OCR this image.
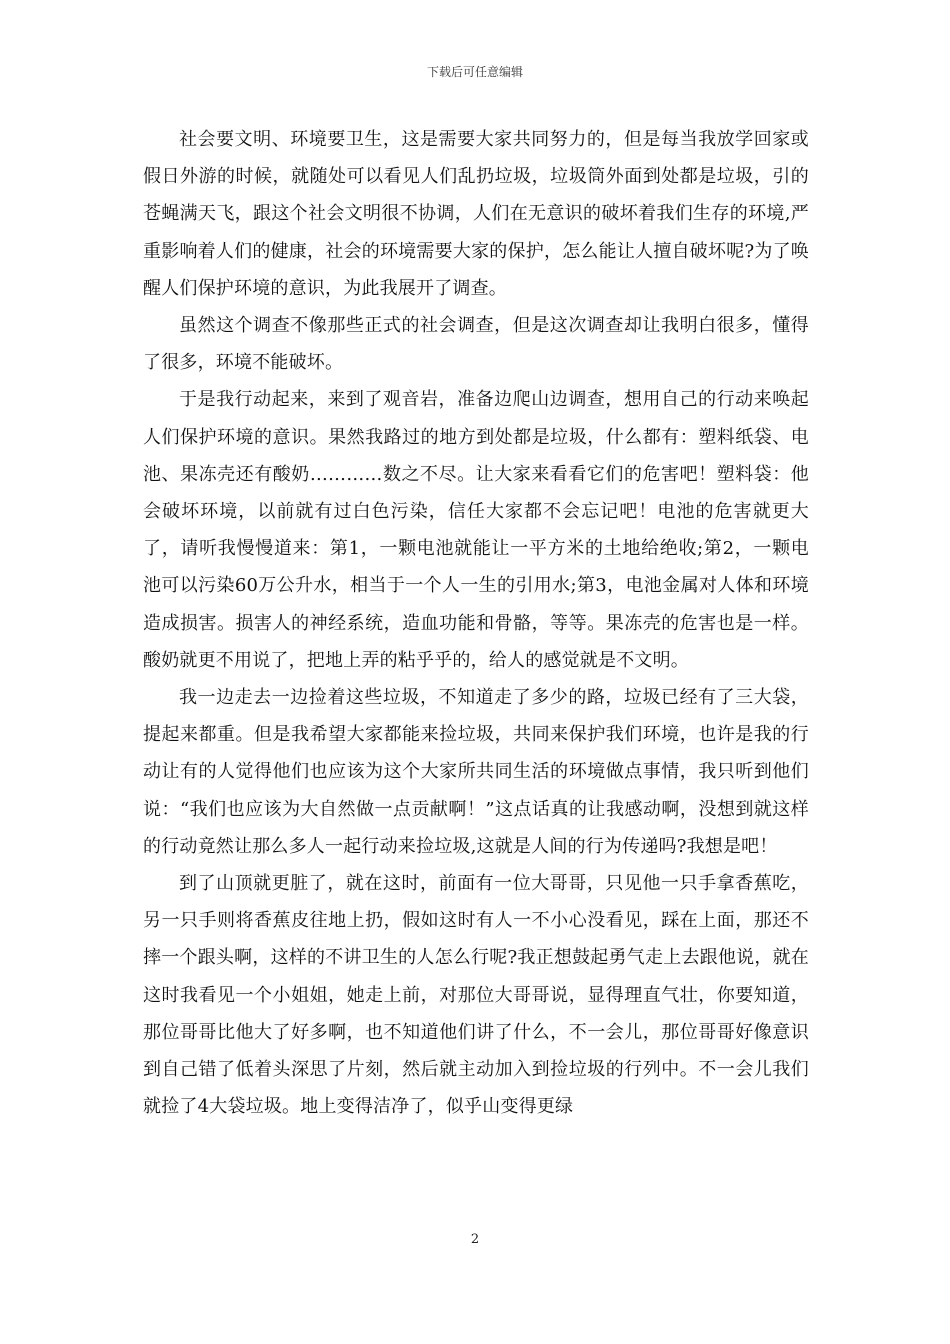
下载后可任意编辑

社会要文明、环境要卫生，这是需要大家共同努力的，但是每当我放学回家或假日外游的时候，就随处可以看见人们乱扔垃圾，垃圾筒外面到处都是垃圾，引的苍蝇满天飞，跟这个社会文明很不协调，人们在无意识的破坏着我们生存的环境,严重影响着人们的健康，社会的环境需要大家的保护，怎么能让人擅自破坏呢?为了唤醒人们保护环境的意识，为此我展开了调查。

虽然这个调查不像那些正式的社会调查，但是这次调查却让我明白很多，懂得了很多，环境不能破坏。

于是我行动起来，来到了观音岩，准备边爬山边调查，想用自己的行动来唤起人们保护环境的意识。果然我路过的地方到处都是垃圾，什么都有：塑料纸袋、电池、果冻壳还有酸奶…………数之不尽。让大家来看看它们的危害吧！塑料袋：他会破坏环境，以前就有过白色污染，信任大家都不会忘记吧！电池的危害就更大了，请听我慢慢道来：第1，一颗电池就能让一平方米的土地给绝收;第2，一颗电池可以污染60万公升水，相当于一个人一生的引用水;第3，电池金属对人体和环境造成损害。损害人的神经系统，造血功能和骨骼，等等。果冻壳的危害也是一样。酸奶就更不用说了，把地上弄的粘乎乎的，给人的感觉就是不文明。

我一边走去一边捡着这些垃圾，不知道走了多少的路，垃圾已经有了三大袋，提起来都重。但是我希望大家都能来捡垃圾，共同来保护我们环境，也许是我的行动让有的人觉得他们也应该为这个大家所共同生活的环境做点事情，我只听到他们说：“我们也应该为大自然做一点贡献啊！”这点话真的让我感动啊，没想到就这样的行动竟然让那么多人一起行动来捡垃圾,这就是人间的行为传递吗?我想是吧！

到了山顶就更脏了，就在这时，前面有一位大哥哥，只见他一只手拿香蕉吃，另一只手则将香蕉皮往地上扔，假如这时有人一不小心没看见，踩在上面，那还不摔一个跟头啊，这样的不讲卫生的人怎么行呢?我正想鼓起勇气走上去跟他说，就在这时我看见一个小姐姐，她走上前，对那位大哥哥说，显得理直气壮，你要知道，那位哥哥比他大了好多啊，也不知道他们讲了什么，不一会儿，那位哥哥好像意识到自己错了低着头深思了片刻，然后就主动加入到捡垃圾的行列中。不一会儿我们就捡了4大袋垃圾。地上变得洁净了，似乎山变得更绿

2
